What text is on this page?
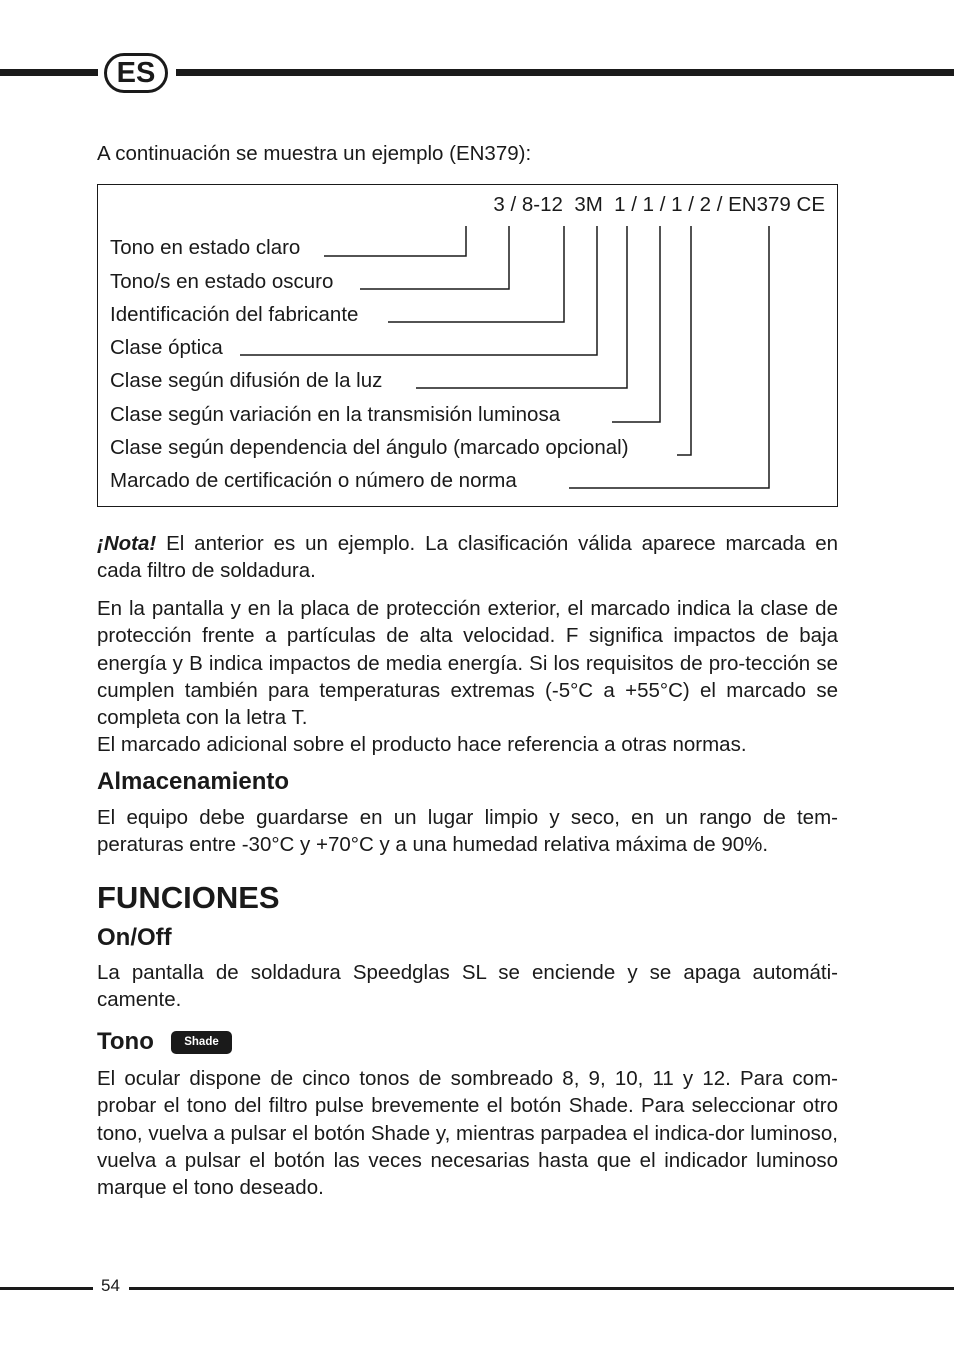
ES

A continuación se muestra un ejemplo (EN379):

3 / 8-12  3M  1 / 1 / 1 / 2 / EN379 CE
Tono en estado claro
Tono/s en estado oscuro
Identificación del fabricante
Clase óptica
Clase según difusión de la luz
Clase según variación en la transmisión luminosa
Clase según dependencia del ángulo (marcado opcional)
Marcado de certificación o número de norma

¡Nota! El anterior es un ejemplo. La clasificación válida aparece marcada en cada filtro de soldadura.

En la pantalla y en la placa de protección exterior, el marcado indica la clase de protección frente a partículas de alta velocidad. F significa impactos de baja energía y B indica impactos de media energía. Si los requisitos de pro-tección se cumplen también para temperaturas extremas (-5°C a +55°C) el marcado se completa con la letra T.

El marcado adicional sobre el producto hace referencia a otras normas.

Almacenamiento

El equipo debe guardarse en un lugar limpio y seco, en un rango de tem-peraturas entre -30°C y +70°C y a una humedad relativa máxima de 90%.

FUNCIONES
On/Off

La pantalla de soldadura Speedglas SL se enciende y se apaga automáti-camente.

Tono	Shade

El ocular dispone de cinco tonos de sombreado 8, 9, 10, 11 y 12. Para com-probar el tono del filtro pulse brevemente el botón Shade. Para seleccionar otro tono, vuelva a pulsar el botón Shade y, mientras parpadea el indica-dor luminoso, vuelva a pulsar el botón las veces necesarias hasta que el indicador luminoso marque el tono deseado.

54
